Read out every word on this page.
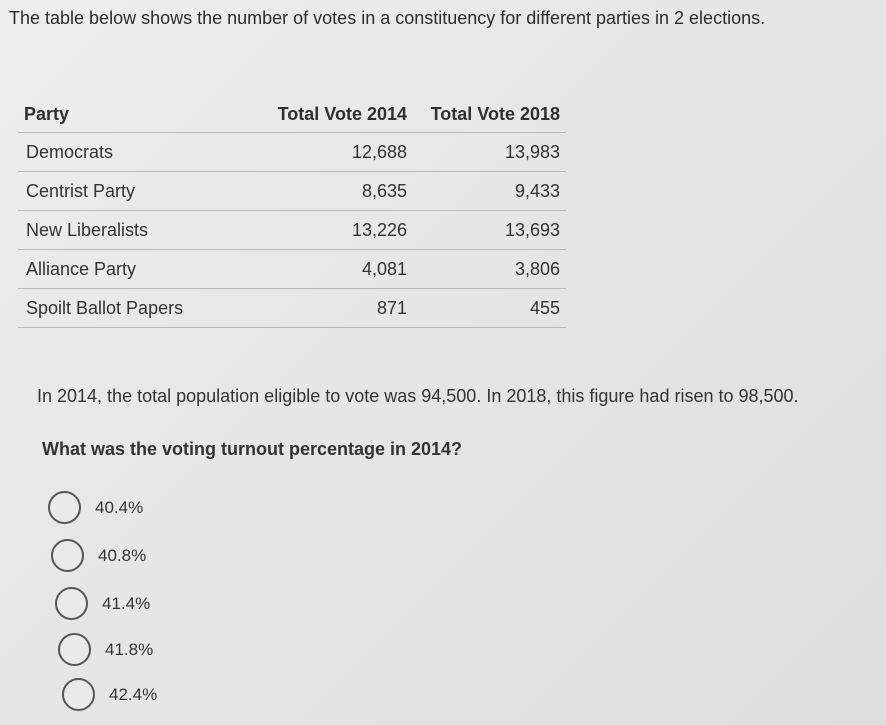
The table below shows the number of votes in a constituency for different parties in 2 elections.
Party	Total Vote 2014	Total Vote 2018
Democrats	12,688	13,983
Centrist Party	8,635	9,433
New Liberalists	13,226	13,693
Alliance Party	4,081	3,806
Spoilt Ballot Papers	871	455
In 2014, the total population eligible to vote was 94,500. In 2018, this figure had risen to 98,500.
What was the voting turnout percentage in 2014?
40.4%
40.8%
41.4%
41.8%
42.4%
